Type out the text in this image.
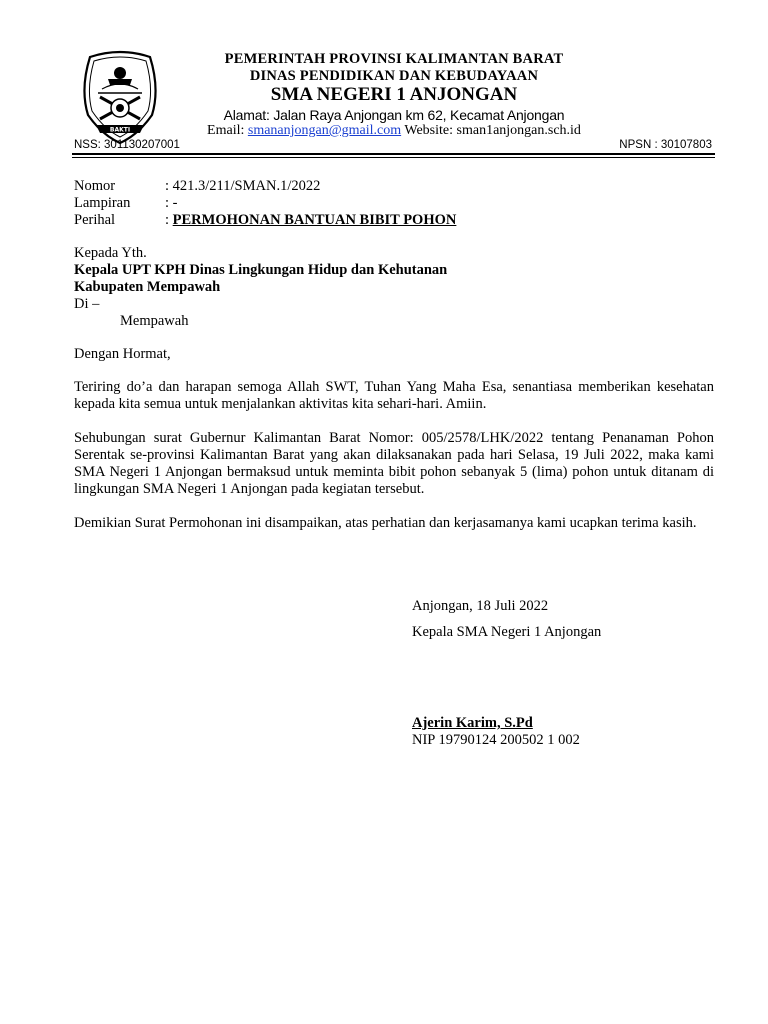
BAKTI
PEMERINTAH PROVINSI KALIMANTAN BARAT
DINAS PENDIDIKAN DAN KEBUDAYAAN
SMA NEGERI 1 ANJONGAN
Alamat: Jalan Raya Anjongan km 62, Kecamat Anjongan
Email: smananjongan@gmail.com Website: sman1anjongan.sch.id
NSS: 301130207001	NPSN : 30107803
Nomor	: 421.3/211/SMAN.1/2022
Lampiran : -
Perihal	: PERMOHONAN BANTUAN BIBIT POHON
Kepada Yth.
Kepala UPT KPH Dinas Lingkungan Hidup dan Kehutanan
Kabupaten Mempawah
Di –
Mempawah
Dengan Hormat,
Teriring do’a dan harapan semoga Allah SWT, Tuhan Yang Maha Esa, senantiasa memberikan kesehatan kepada kita semua untuk menjalankan aktivitas kita sehari-hari. Amiin.
Sehubungan surat Gubernur Kalimantan Barat Nomor: 005/2578/LHK/2022 tentang Penanaman Pohon Serentak se-provinsi Kalimantan Barat yang akan dilaksanakan pada hari Selasa, 19 Juli 2022, maka kami SMA Negeri 1 Anjongan bermaksud untuk meminta bibit pohon sebanyak 5 (lima) pohon untuk ditanam di lingkungan SMA Negeri 1 Anjongan pada kegiatan tersebut.
Demikian Surat Permohonan ini disampaikan, atas perhatian dan kerjasamanya kami ucapkan terima kasih.
Anjongan, 18 Juli 2022
Kepala SMA Negeri 1 Anjongan
Ajerin Karim, S.Pd
NIP 19790124 200502 1 002
